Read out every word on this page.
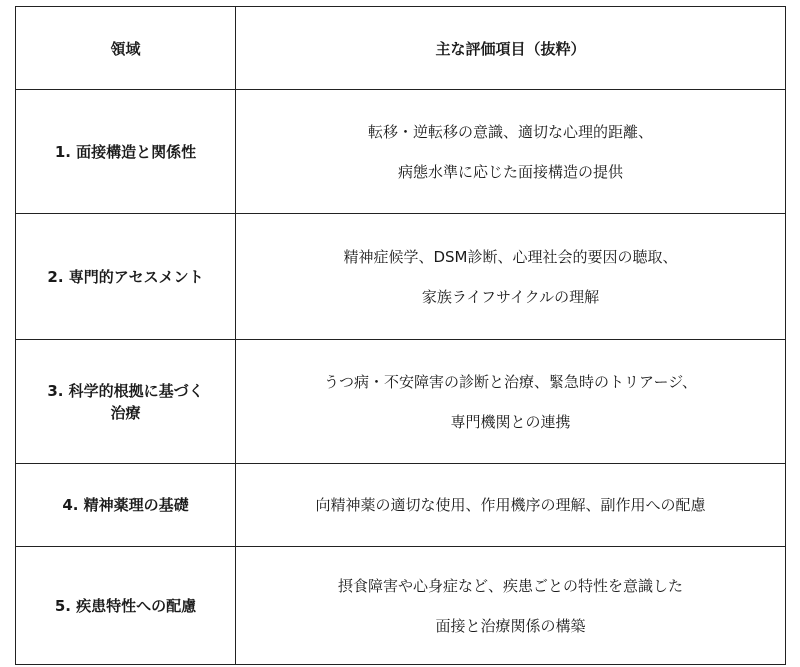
領域	主な評価項目（抜粋）

1. 面接構造と関係性	転移・逆転移の意識、適切な心理的距離、
病態水準に応じた面接構造の提供

2. 専門的アセスメント	精神症候学、DSM診断、心理社会的要因の聴取、
家族ライフサイクルの理解

3. 科学的根拠に基づく
治療	うつ病・不安障害の診断と治療、緊急時のトリアージ、
専門機関との連携

4. 精神薬理の基礎	向精神薬の適切な使用、作用機序の理解、副作用への配慮

5. 疾患特性への配慮	摂食障害や心身症など、疾患ごとの特性を意識した
面接と治療関係の構築
